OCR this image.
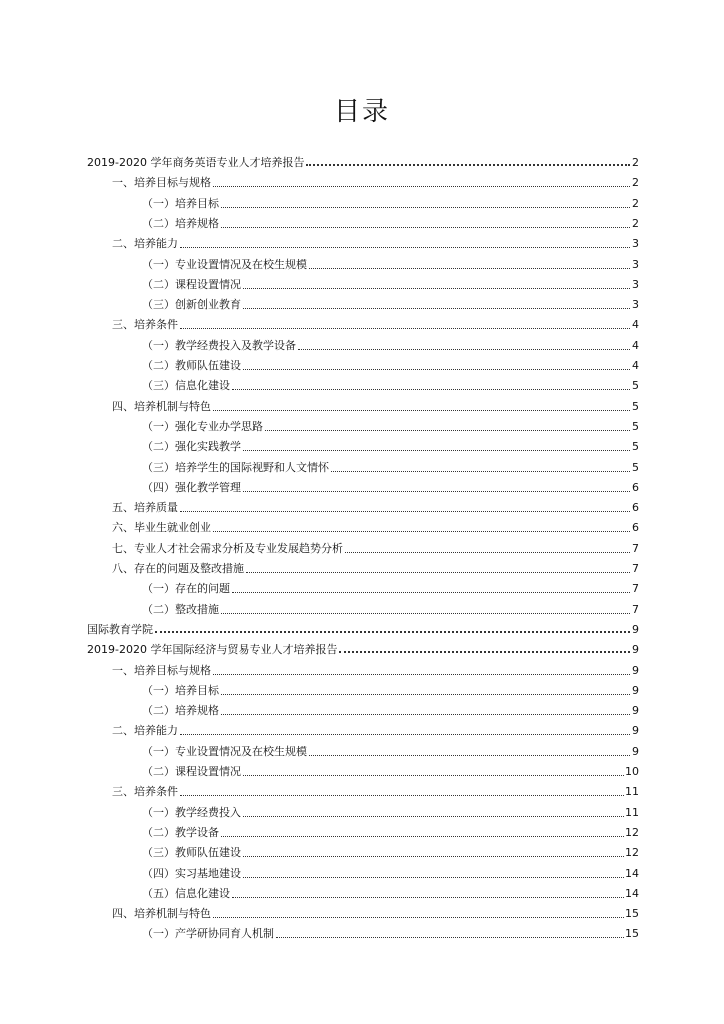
目录
2019-2020 学年商务英语专业人才培养报告	2
一、培养目标与规格	2
（一）培养目标	2
（二）培养规格	2
二、培养能力	3
（一）专业设置情况及在校生规模	3
（二）课程设置情况	3
（三）创新创业教育	3
三、培养条件	4
（一）教学经费投入及教学设备	4
（二）教师队伍建设	4
（三）信息化建设	5
四、培养机制与特色	5
（一）强化专业办学思路	5
（二）强化实践教学	5
（三）培养学生的国际视野和人文情怀	5
（四）强化教学管理	6
五、培养质量	6
六、毕业生就业创业	6
七、专业人才社会需求分析及专业发展趋势分析	7
八、存在的问题及整改措施	7
（一）存在的问题	7
（二）整改措施	7
国际教育学院	9
2019-2020 学年国际经济与贸易专业人才培养报告	9
一、培养目标与规格	9
（一）培养目标	9
（二）培养规格	9
二、培养能力	9
（一）专业设置情况及在校生规模	9
（二）课程设置情况	10
三、培养条件	11
（一）教学经费投入	11
（二）教学设备	12
（三）教师队伍建设	12
（四）实习基地建设	14
（五）信息化建设	14
四、培养机制与特色	15
（一）产学研协同育人机制	15
